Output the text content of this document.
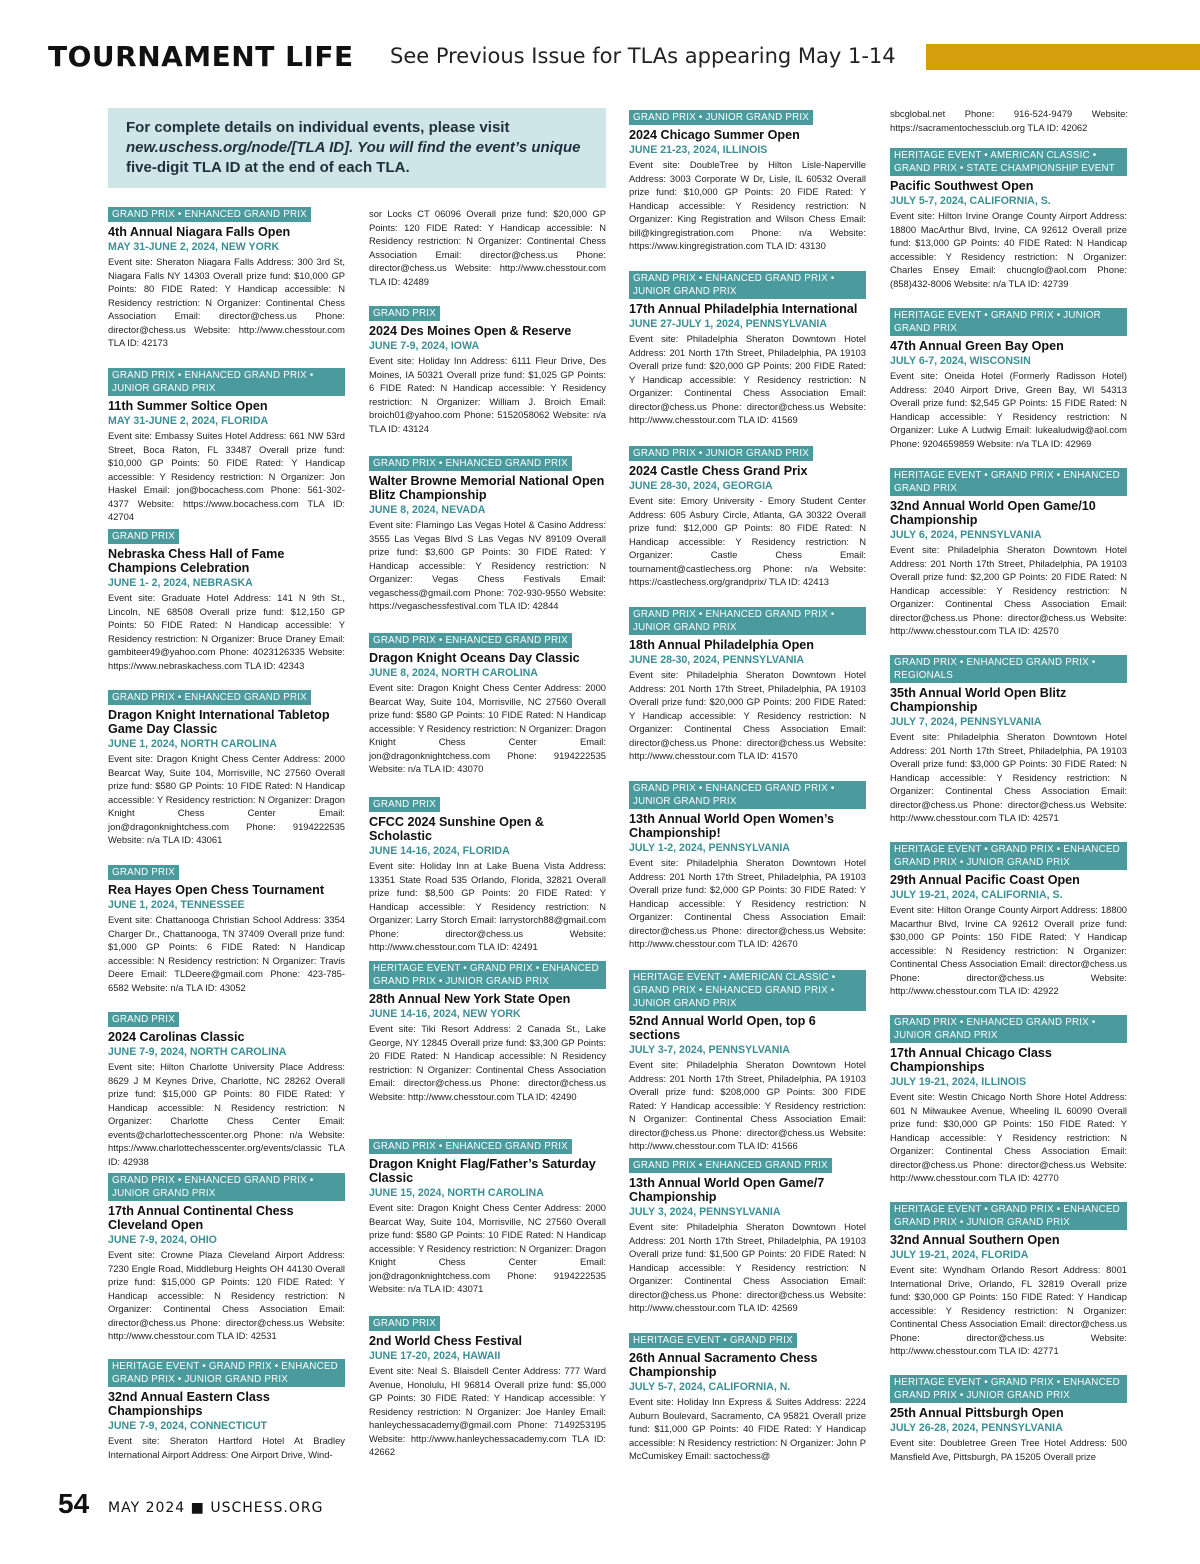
TOURNAMENT LIFE See Previous Issue for TLAs appearing May 1-14
For complete details on individual events, please visit
new.uschess.org/node/[TLA ID]. You will find the event’s unique
five-digit TLA ID at the end of each TLA.
sor Locks CT 06096 Overall prize fund: $20,000 GP Points: 120 FIDE Rated: Y Handicap accessible: N Residency restriction: N Organizer: Continental Chess Association Email: director@chess.us Phone: director@chess.us Website: http://www.chesstour.com TLA ID: 42489
sbcglobal.net Phone: 916-524-9479 Website: https://sacramentochessclub.org TLA ID: 42062
GRAND PRIX • ENHANCED GRAND PRIX
4th Annual Niagara Falls Open
MAY 31-JUNE 2, 2024, NEW YORK
Event site: Sheraton Niagara Falls Address: 300 3rd St, Niagara Falls NY 14303 Overall prize fund: $10,000 GP Points: 80 FIDE Rated: Y Handicap accessible: N Residency restriction: N Organizer: Continental Chess Association Email: director@chess.us Phone: director@chess.us Website: http://www.chesstour.com TLA ID: 42173
GRAND PRIX • ENHANCED GRAND PRIX • JUNIOR GRAND PRIX
11th Summer Soltice Open
MAY 31-JUNE 2, 2024, FLORIDA
Event site: Embassy Suites Hotel Address: 661 NW 53rd Street, Boca Raton, FL 33487 Overall prize fund: $10,000 GP Points: 50 FIDE Rated: Y Handicap accessible: Y Residency restriction: N Organizer: Jon Haskel Email: jon@bocachess.com Phone: 561-302-4377 Website: https://www.bocachess.com TLA ID: 42704
GRAND PRIX
Nebraska Chess Hall of Fame Champions Celebration
JUNE 1- 2, 2024, NEBRASKA
Event site: Graduate Hotel Address: 141 N 9th St., Lincoln, NE 68508 Overall prize fund: $12,150 GP Points: 50 FIDE Rated: N Handicap accessible: Y Residency restriction: N Organizer: Bruce Draney Email: gambiteer49@yahoo.com Phone: 4023126335 Website: https://www.nebraskachess.com TLA ID: 42343
GRAND PRIX • ENHANCED GRAND PRIX
Dragon Knight International Tabletop Game Day Classic
JUNE 1, 2024, NORTH CAROLINA
Event site: Dragon Knight Chess Center Address: 2000 Bearcat Way, Suite 104, Morrisville, NC 27560 Overall prize fund: $580 GP Points: 10 FIDE Rated: N Handicap accessible: Y Residency restriction: N Organizer: Dragon Knight Chess Center Email: jon@dragonknightchess.com Phone: 9194222535 Website: n/a TLA ID: 43061
GRAND PRIX
Rea Hayes Open Chess Tournament
JUNE 1, 2024, TENNESSEE
Event site: Chattanooga Christian School Address: 3354 Charger Dr., Chattanooga, TN 37409 Overall prize fund: $1,000 GP Points: 6 FIDE Rated: N Handicap accessible: N Residency restriction: N Organizer: Travis Deere Email: TLDeere@gmail.com Phone: 423-785-6582 Website: n/a TLA ID: 43052
GRAND PRIX
2024 Carolinas Classic
JUNE 7-9, 2024, NORTH CAROLINA
Event site: Hilton Charlotte University Place Address: 8629 J M Keynes Drive, Charlotte, NC 28262 Overall prize fund: $15,000 GP Points: 80 FIDE Rated: Y Handicap accessible: N Residency restriction: N Organizer: Charlotte Chess Center Email: events@charlottechesscenter.org Phone: n/a Website: https://www.charlottechesscenter.org/events/classic TLA ID: 42938
GRAND PRIX • ENHANCED GRAND PRIX • JUNIOR GRAND PRIX
17th Annual Continental Chess Cleveland Open
JUNE 7-9, 2024, OHIO
Event site: Crowne Plaza Cleveland Airport Address: 7230 Engle Road, Middleburg Heights OH 44130 Overall prize fund: $15,000 GP Points: 120 FIDE Rated: Y Handicap accessible: N Residency restriction: N Organizer: Continental Chess Association Email: director@chess.us Phone: director@chess.us Website: http://www.chesstour.com TLA ID: 42531
HERITAGE EVENT • GRAND PRIX • ENHANCED GRAND PRIX • JUNIOR GRAND PRIX
32nd Annual Eastern Class Championships
JUNE 7-9, 2024, CONNECTICUT
Event site: Sheraton Hartford Hotel At Bradley International Airport Address: One Airport Drive, Wind-
GRAND PRIX
2024 Des Moines Open & Reserve
JUNE 7-9, 2024, IOWA
Event site: Holiday Inn Address: 6111 Fleur Drive, Des Moines, IA 50321 Overall prize fund: $1,025 GP Points: 6 FIDE Rated: N Handicap accessible: Y Residency restriction: N Organizer: William J. Broich Email: broich01@yahoo.com Phone: 5152058062 Website: n/a TLA ID: 43124
GRAND PRIX • ENHANCED GRAND PRIX
Walter Browne Memorial National Open Blitz Championship
JUNE 8, 2024, NEVADA
Event site: Flamingo Las Vegas Hotel & Casino Address: 3555 Las Vegas Blvd S Las Vegas NV 89109 Overall prize fund: $3,600 GP Points: 30 FIDE Rated: Y Handicap accessible: Y Residency restriction: N Organizer: Vegas Chess Festivals Email: vegaschess@gmail.com Phone: 702-930-9550 Website: https://vegaschessfestival.com TLA ID: 42844
GRAND PRIX • ENHANCED GRAND PRIX
Dragon Knight Oceans Day Classic
JUNE 8, 2024, NORTH CAROLINA
Event site: Dragon Knight Chess Center Address: 2000 Bearcat Way, Suite 104, Morrisville, NC 27560 Overall prize fund: $580 GP Points: 10 FIDE Rated: N Handicap accessible: Y Residency restriction: N Organizer: Dragon Knight Chess Center Email: jon@dragonknightchess.com Phone: 9194222535 Website: n/a TLA ID: 43070
GRAND PRIX
CFCC 2024 Sunshine Open & Scholastic
JUNE 14-16, 2024, FLORIDA
Event site: Holiday Inn at Lake Buena Vista Address: 13351 State Road 535 Orlando, Florida, 32821 Overall prize fund: $8,500 GP Points: 20 FIDE Rated: Y Handicap accessible: Y Residency restriction: N Organizer: Larry Storch Email: larrystorch88@gmail.com Phone: director@chess.us Website: http://www.chesstour.com TLA ID: 42491
HERITAGE EVENT • GRAND PRIX • ENHANCED GRAND PRIX • JUNIOR GRAND PRIX
28th Annual New York State Open
JUNE 14-16, 2024, NEW YORK
Event site: Tiki Resort Address: 2 Canada St., Lake George, NY 12845 Overall prize fund: $3,300 GP Points: 20 FIDE Rated: N Handicap accessible: N Residency restriction: N Organizer: Continental Chess Association Email: director@chess.us Phone: director@chess.us Website: http://www.chesstour.com TLA ID: 42490
GRAND PRIX • ENHANCED GRAND PRIX
Dragon Knight Flag/Father’s Saturday Classic
JUNE 15, 2024, NORTH CAROLINA
Event site: Dragon Knight Chess Center Address: 2000 Bearcat Way, Suite 104, Morrisville, NC 27560 Overall prize fund: $580 GP Points: 10 FIDE Rated: N Handicap accessible: Y Residency restriction: N Organizer: Dragon Knight Chess Center Email: jon@dragonknightchess.com Phone: 9194222535 Website: n/a TLA ID: 43071
GRAND PRIX
2nd World Chess Festival
JUNE 17-20, 2024, HAWAII
Event site: Neal S. Blaisdell Center Address: 777 Ward Avenue, Honolulu, HI 96814 Overall prize fund: $5,000 GP Points: 30 FIDE Rated: Y Handicap accessible: Y Residency restriction: N Organizer: Joe Hanley Email: hanleychessacademy@gmail.com Phone: 7149253195 Website: http://www.hanleychessacademy.com TLA ID: 42662
GRAND PRIX • JUNIOR GRAND PRIX
2024 Chicago Summer Open
JUNE 21-23, 2024, ILLINOIS
Event site: DoubleTree by Hilton Lisle-Naperville Address: 3003 Corporate W Dr, Lisle, IL 60532 Overall prize fund: $10,000 GP Points: 20 FIDE Rated: Y Handicap accessible: Y Residency restriction: N Organizer: King Registration and Wilson Chess Email: bill@kingregistration.com Phone: n/a Website: https://www.kingregistration.com TLA ID: 43130
GRAND PRIX • ENHANCED GRAND PRIX • JUNIOR GRAND PRIX
17th Annual Philadelphia International
JUNE 27-JULY 1, 2024, PENNSYLVANIA
Event site: Philadelphia Sheraton Downtown Hotel Address: 201 North 17th Street, Philadelphia, PA 19103 Overall prize fund: $20,000 GP Points: 200 FIDE Rated: Y Handicap accessible: Y Residency restriction: N Organizer: Continental Chess Association Email: director@chess.us Phone: director@chess.us Website: http://www.chesstour.com TLA ID: 41569
GRAND PRIX • JUNIOR GRAND PRIX
2024 Castle Chess Grand Prix
JUNE 28-30, 2024, GEORGIA
Event site: Emory University - Emory Student Center Address: 605 Asbury Circle, Atlanta, GA 30322 Overall prize fund: $12,000 GP Points: 80 FIDE Rated: N Handicap accessible: Y Residency restriction: N Organizer: Castle Chess Email: tournament@castlechess.org Phone: n/a Website: https://castlechess.org/grandprix/ TLA ID: 42413
GRAND PRIX • ENHANCED GRAND PRIX • JUNIOR GRAND PRIX
18th Annual Philadelphia Open
JUNE 28-30, 2024, PENNSYLVANIA
Event site: Philadelphia Sheraton Downtown Hotel Address: 201 North 17th Street, Philadelphia, PA 19103 Overall prize fund: $20,000 GP Points: 200 FIDE Rated: Y Handicap accessible: Y Residency restriction: N Organizer: Continental Chess Association Email: director@chess.us Phone: director@chess.us Website: http://www.chesstour.com TLA ID: 41570
GRAND PRIX • ENHANCED GRAND PRIX • JUNIOR GRAND PRIX
13th Annual World Open Women’s Championship!
JULY 1-2, 2024, PENNSYLVANIA
Event site: Philadelphia Sheraton Downtown Hotel Address: 201 North 17th Street, Philadelphia, PA 19103 Overall prize fund: $2,000 GP Points: 30 FIDE Rated: Y Handicap accessible: Y Residency restriction: N Organizer: Continental Chess Association Email: director@chess.us Phone: director@chess.us Website: http://www.chesstour.com TLA ID: 42670
HERITAGE EVENT • AMERICAN CLASSIC • GRAND PRIX • ENHANCED GRAND PRIX • JUNIOR GRAND PRIX
52nd Annual World Open, top 6 sections
JULY 3-7, 2024, PENNSYLVANIA
Event site: Philadelphia Sheraton Downtown Hotel Address: 201 North 17th Street, Philadelphia, PA 19103 Overall prize fund: $208,000 GP Points: 300 FIDE Rated: Y Handicap accessible: Y Residency restriction: N Organizer: Continental Chess Association Email: director@chess.us Phone: director@chess.us Website: http://www.chesstour.com TLA ID: 41566
GRAND PRIX • ENHANCED GRAND PRIX
13th Annual World Open Game/7 Championship
JULY 3, 2024, PENNSYLVANIA
Event site: Philadelphia Sheraton Downtown Hotel Address: 201 North 17th Street, Philadelphia, PA 19103 Overall prize fund: $1,500 GP Points: 20 FIDE Rated: N Handicap accessible: Y Residency restriction: N Organizer: Continental Chess Association Email: director@chess.us Phone: director@chess.us Website: http://www.chesstour.com TLA ID: 42569
HERITAGE EVENT • GRAND PRIX
26th Annual Sacramento Chess Championship
JULY 5-7, 2024, CALIFORNIA, N.
Event site: Holiday Inn Express & Suites Address: 2224 Auburn Boulevard, Sacramento, CA 95821 Overall prize fund: $11,000 GP Points: 40 FIDE Rated: Y Handicap accessible: N Residency restriction: N Organizer: John P McCumiskey Email: sactochess@
HERITAGE EVENT • AMERICAN CLASSIC • GRAND PRIX • STATE CHAMPIONSHIP EVENT
Pacific Southwest Open
JULY 5-7, 2024, CALIFORNIA, S.
Event site: Hilton Irvine Orange County Airport Address: 18800 MacArthur Blvd, Irvine, CA 92612 Overall prize fund: $13,000 GP Points: 40 FIDE Rated: N Handicap accessible: Y Residency restriction: N Organizer: Charles Ensey Email: chucnglo@aol.com Phone: (858)432-8006 Website: n/a TLA ID: 42739
HERITAGE EVENT • GRAND PRIX • JUNIOR GRAND PRIX
47th Annual Green Bay Open
JULY 6-7, 2024, WISCONSIN
Event site: Oneida Hotel (Formerly Radisson Hotel) Address: 2040 Airport Drive, Green Bay, WI 54313 Overall prize fund: $2,545 GP Points: 15 FIDE Rated: N Handicap accessible: Y Residency restriction: N Organizer: Luke A Ludwig Email: lukealudwig@aol.com Phone: 9204659859 Website: n/a TLA ID: 42969
HERITAGE EVENT • GRAND PRIX • ENHANCED GRAND PRIX
32nd Annual World Open Game/10 Championship
JULY 6, 2024, PENNSYLVANIA
Event site: Philadelphia Sheraton Downtown Hotel Address: 201 North 17th Street, Philadelphia, PA 19103 Overall prize fund: $2,200 GP Points: 20 FIDE Rated: N Handicap accessible: Y Residency restriction: N Organizer: Continental Chess Association Email: director@chess.us Phone: director@chess.us Website: http://www.chesstour.com TLA ID: 42570
GRAND PRIX • ENHANCED GRAND PRIX • REGIONALS
35th Annual World Open Blitz Championship
JULY 7, 2024, PENNSYLVANIA
Event site: Philadelphia Sheraton Downtown Hotel Address: 201 North 17th Street, Philadelphia, PA 19103 Overall prize fund: $3,000 GP Points: 30 FIDE Rated: N Handicap accessible: Y Residency restriction: N Organizer: Continental Chess Association Email: director@chess.us Phone: director@chess.us Website: http://www.chesstour.com TLA ID: 42571
HERITAGE EVENT • GRAND PRIX • ENHANCED GRAND PRIX • JUNIOR GRAND PRIX
29th Annual Pacific Coast Open
JULY 19-21, 2024, CALIFORNIA, S.
Event site: Hilton Orange County Airport Address: 18800 Macarthur Blvd, Irvine CA 92612 Overall prize fund: $30,000 GP Points: 150 FIDE Rated: Y Handicap accessible: N Residency restriction: N Organizer: Continental Chess Association Email: director@chess.us Phone: director@chess.us Website: http://www.chesstour.com TLA ID: 42922
GRAND PRIX • ENHANCED GRAND PRIX • JUNIOR GRAND PRIX
17th Annual Chicago Class Championships
JULY 19-21, 2024, ILLINOIS
Event site: Westin Chicago North Shore Hotel Address: 601 N Milwaukee Avenue, Wheeling IL 60090 Overall prize fund: $30,000 GP Points: 150 FIDE Rated: Y Handicap accessible: Y Residency restriction: N Organizer: Continental Chess Association Email: director@chess.us Phone: director@chess.us Website: http://www.chesstour.com TLA ID: 42770
HERITAGE EVENT • GRAND PRIX • ENHANCED GRAND PRIX • JUNIOR GRAND PRIX
32nd Annual Southern Open
JULY 19-21, 2024, FLORIDA
Event site: Wyndham Orlando Resort Address: 8001 International Drive, Orlando, FL 32819 Overall prize fund: $30,000 GP Points: 150 FIDE Rated: Y Handicap accessible: Y Residency restriction: N Organizer: Continental Chess Association Email: director@chess.us Phone: director@chess.us Website: http://www.chesstour.com TLA ID: 42771
HERITAGE EVENT • GRAND PRIX • ENHANCED GRAND PRIX • JUNIOR GRAND PRIX
25th Annual Pittsburgh Open
JULY 26-28, 2024, PENNSYLVANIA
Event site: Doubletree Green Tree Hotel Address: 500 Mansfield Ave, Pittsburgh, PA 15205 Overall prize
54 MAY 2024 ■ USCHESS.ORG
